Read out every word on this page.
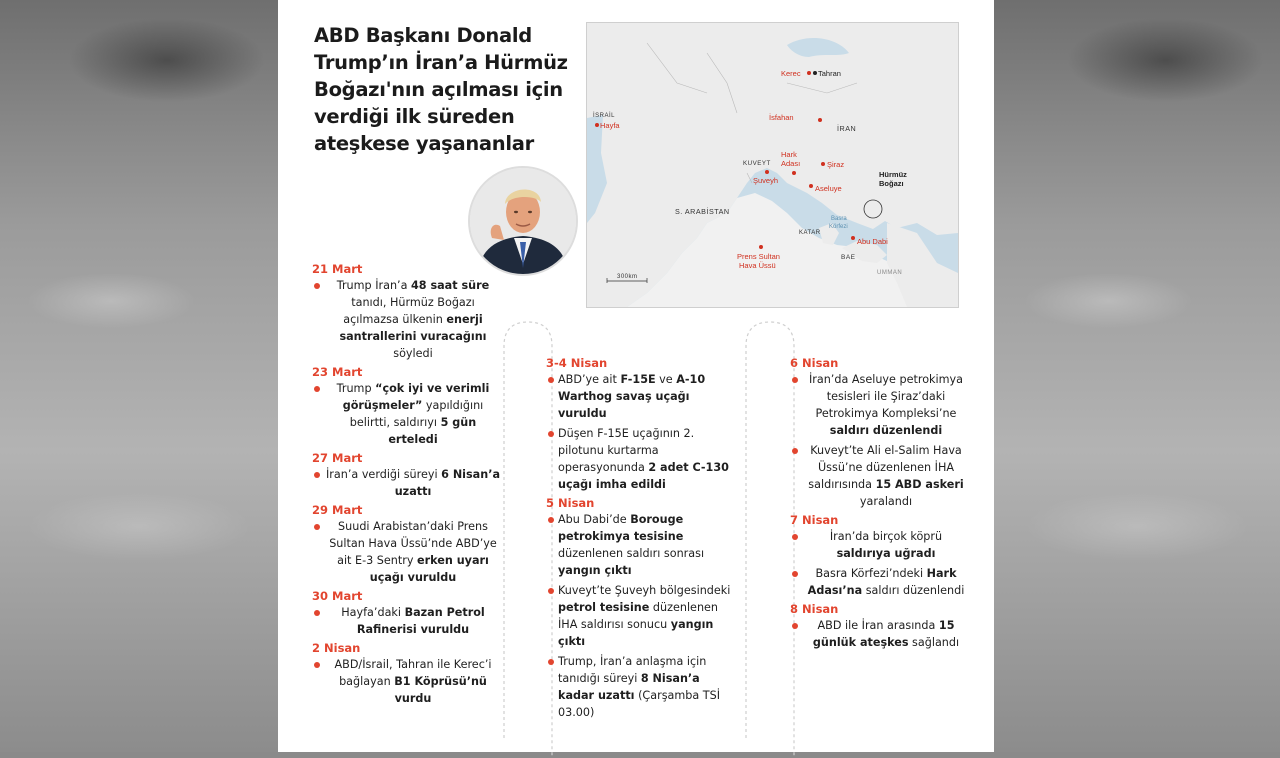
ABD Başkanı Donald Trump’ın İran’a Hürmüz Boğazı'nın açılması için verdiği ilk süreden ateşkese yaşananlar
Kerec Tahran
İSRAİL
Hayfa
İsfahan
İRAN
KUVEYT
Şuveyh
Hark
Adası	Şiraz
Aseluye
Hürmüz
Boğazı
S. ARABİSTAN
Basra
Körfezi
KATAR
Abu Dabi
Prens Sultan
Hava Üssü
BAE
UMMAN
300km
21 Mart
Trump İran’a 48 saat süre tanıdı, Hürmüz Boğazı açılmazsa ülkenin enerji santrallerini vuracağını söyledi
23 Mart
Trump “çok iyi ve verimli görüşmeler” yapıldığını belirtti, saldırıyı 5 gün erteledi
27 Mart
İran’a verdiği süreyi 6 Nisan’a uzattı
29 Mart
Suudi Arabistan’daki Prens Sultan Hava Üssü’nde ABD’ye ait E-3 Sentry erken uyarı uçağı vuruldu
30 Mart
Hayfa’daki Bazan Petrol Rafinerisi vuruldu
2 Nisan
ABD/İsrail, Tahran ile Kerec’i bağlayan B1 Köprüsü’nü vurdu
3-4 Nisan
ABD’ye ait F-15E ve A-10 Warthog savaş uçağı vuruldu
Düşen F-15E uçağının 2. pilotunu kurtarma operasyonunda 2 adet C-130 uçağı imha edildi
5 Nisan
Abu Dabi’de Borouge petrokimya tesisine düzenlenen saldırı sonrası yangın çıktı
Kuveyt’te Şuveyh bölgesindeki petrol tesisine düzenlenen İHA saldırısı sonucu yangın çıktı
Trump, İran’a anlaşma için tanıdığı süreyi 8 Nisan’a kadar uzattı (Çarşamba TSİ 03.00)
6 Nisan
İran’da Aseluye petrokimya tesisleri ile Şiraz’daki Petrokimya Kompleksi’ne saldırı düzenlendi
Kuveyt’te Ali el-Salim Hava Üssü’ne düzenlenen İHA saldırısında 15 ABD askeri yaralandı
7 Nisan
İran’da birçok köprü saldırıya uğradı
Basra Körfezi’ndeki Hark Adası’na saldırı düzenlendi
8 Nisan
ABD ile İran arasında 15 günlük ateşkes sağlandı
